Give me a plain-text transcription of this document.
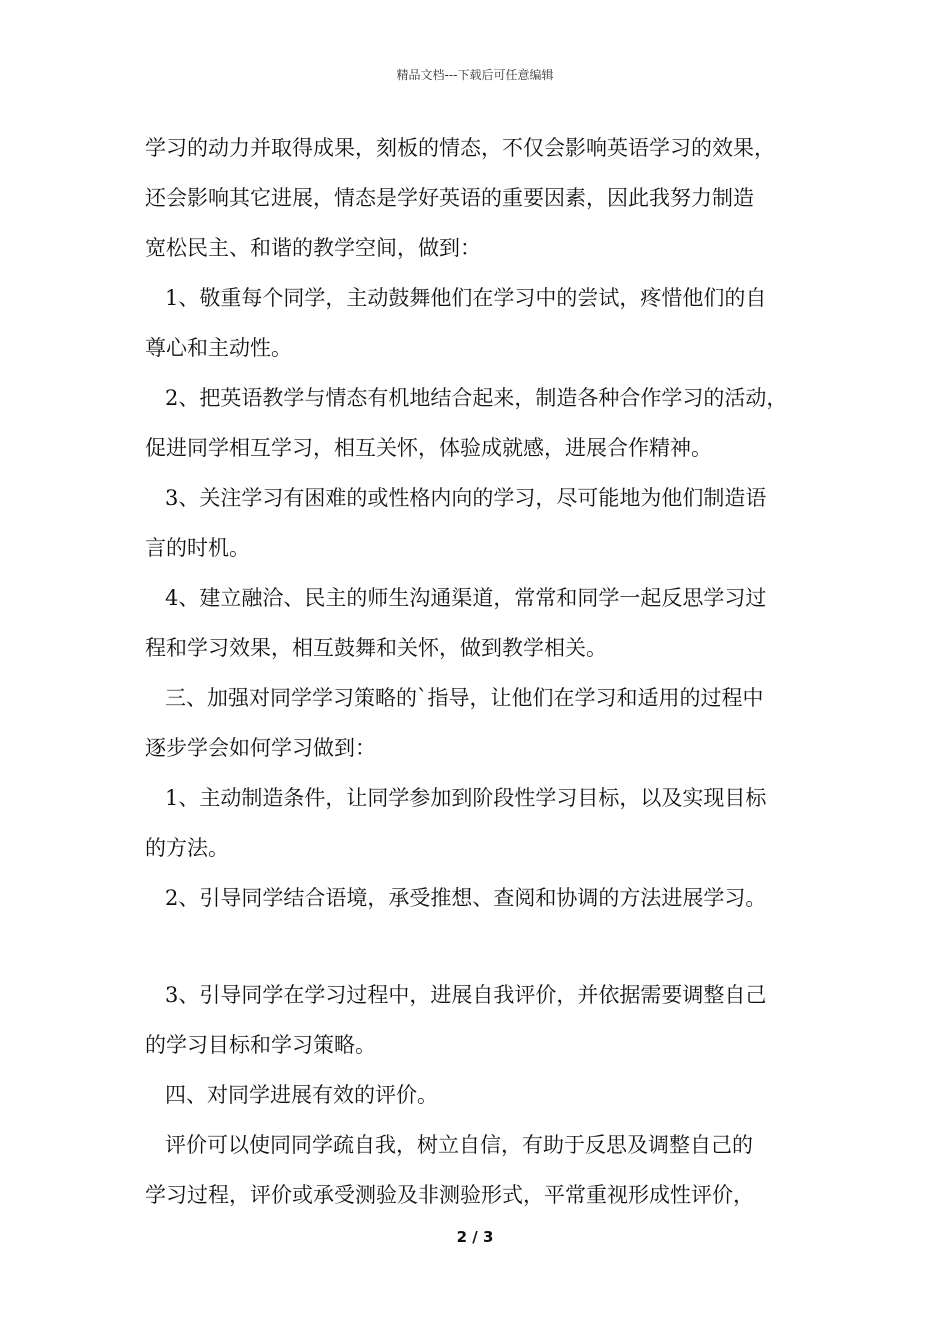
精品文档---下载后可任意编辑
学习的动力并取得成果，刻板的情态，不仅会影响英语学习的效果，
还会影响其它进展，情态是学好英语的重要因素，因此我努力制造
宽松民主、和谐的教学空间，做到：
1、敬重每个同学，主动鼓舞他们在学习中的尝试，疼惜他们的自
尊心和主动性。
2、把英语教学与情态有机地结合起来，制造各种合作学习的活动，
促进同学相互学习，相互关怀，体验成就感，进展合作精神。
3、关注学习有困难的或性格内向的学习，尽可能地为他们制造语
言的时机。
4、建立融洽、民主的师生沟通渠道，常常和同学一起反思学习过
程和学习效果，相互鼓舞和关怀，做到教学相关。
三、加强对同学学习策略的`指导，让他们在学习和适用的过程中
逐步学会如何学习做到：
1、主动制造条件，让同学参加到阶段性学习目标，以及实现目标
的方法。
2、引导同学结合语境，承受推想、查阅和协调的方法进展学习。
3、引导同学在学习过程中，进展自我评价，并依据需要调整自己
的学习目标和学习策略。
四、对同学进展有效的评价。
评价可以使同同学疏自我，树立自信，有助于反思及调整自己的
学习过程，评价或承受测验及非测验形式，平常重视形成性评价，
2 / 3
